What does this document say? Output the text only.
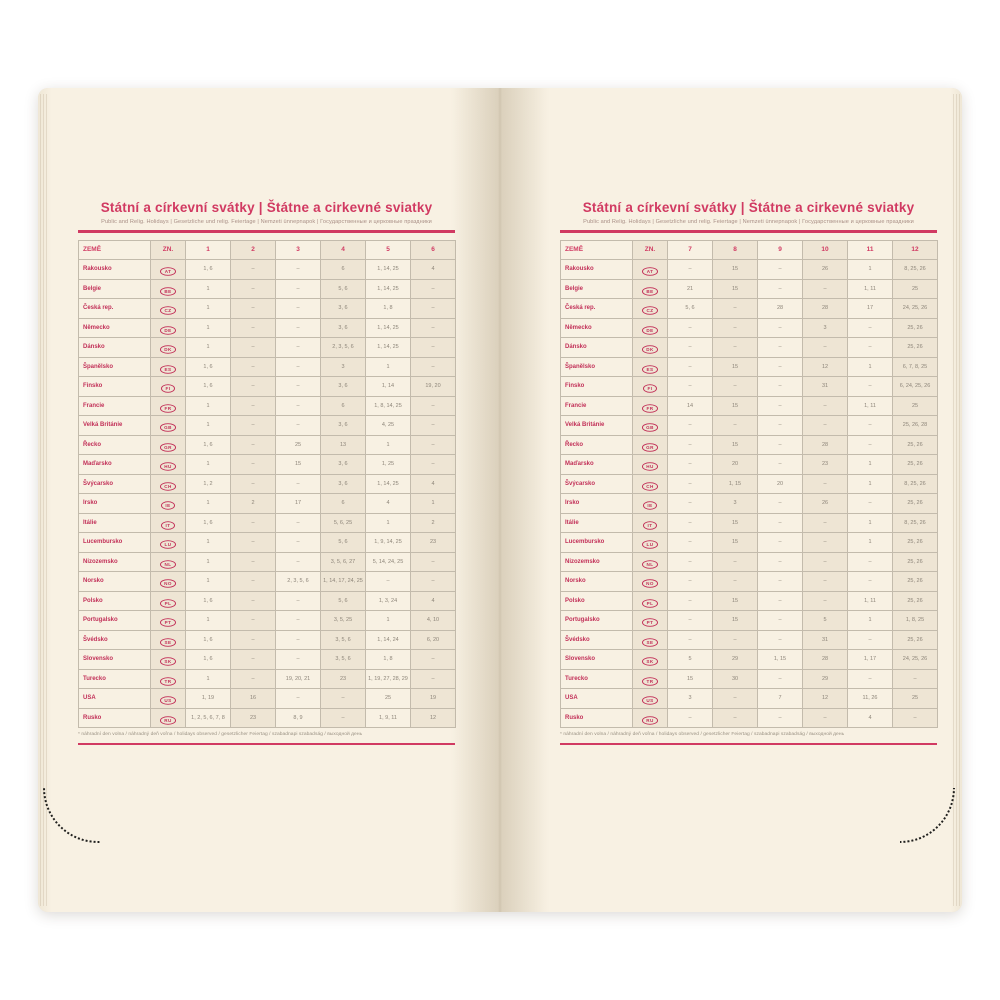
Státní a církevní svátky | Štátne a cirkevné sviatky
Public and Relig. Holidays | Gesetzliche und relig. Feiertage | Nemzeti ünnepnapok | Государственные и церковные праздники
ZEMĚ	ZN.	1	2	3	4	5	6
Rakousko	AT	1, 6	–	–	6	1, 14, 25	4
Belgie	BE	1	–	–	5, 6	1, 14, 25	–
Česká rep.	CZ	1	–	–	3, 6	1, 8	–
Německo	DE	1	–	–	3, 6	1, 14, 25	–
Dánsko	DK	1	–	–	2, 3, 5, 6	1, 14, 25	–
Španělsko	ES	1, 6	–	–	3	1	–
Finsko	FI	1, 6	–	–	3, 6	1, 14	19, 20
Francie	FR	1	–	–	6	1, 8, 14, 25	–
Velká Británie	GB	1	–	–	3, 6	4, 25	–
Řecko	GR	1, 6	–	25	13	1	–
Maďarsko	HU	1	–	15	3, 6	1, 25	–
Švýcarsko	CH	1, 2	–	–	3, 6	1, 14, 25	4
Irsko	IE	1	2	17	6	4	1
Itálie	IT	1, 6	–	–	5, 6, 25	1	2
Lucembursko	LU	1	–	–	5, 6	1, 9, 14, 25	23
Nizozemsko	NL	1	–	–	3, 5, 6, 27	5, 14, 24, 25	–
Norsko	NO	1	–	2, 3, 5, 6	1, 14, 17, 24, 25	–	–
Polsko	PL	1, 6	–	–	5, 6	1, 3, 24	4
Portugalsko	PT	1	–	–	3, 5, 25	1	4, 10
Švédsko	SE	1, 6	–	–	3, 5, 6	1, 14, 24	6, 20
Slovensko	SK	1, 6	–	–	3, 5, 6	1, 8	–
Turecko	TR	1	–	19, 20, 21	23	1, 19, 27, 28, 29	–
USA	US	1, 19	16	–	–	25	19
Rusko	RU	1, 2, 5, 6, 7, 8	23	8, 9	–	1, 9, 11	12
* náhradní den volna / náhradný deň voľna / holidays observed / gesetzlicher Feiertag / szabadnapi szabadság / выходной день
Státní a církevní svátky | Štátne a cirkevné sviatky
Public and Relig. Holidays | Gesetzliche und relig. Feiertage | Nemzeti ünnepnapok | Государственные и церковные праздники
ZEMĚ	ZN.	7	8	9	10	11	12
Rakousko	AT	–	15	–	26	1	8, 25, 26
Belgie	BE	21	15	–	–	1, 11	25
Česká rep.	CZ	5, 6	–	28	28	17	24, 25, 26
Německo	DE	–	–	–	3	–	25, 26
Dánsko	DK	–	–	–	–	–	25, 26
Španělsko	ES	–	15	–	12	1	6, 7, 8, 25
Finsko	FI	–	–	–	31	–	6, 24, 25, 26
Francie	FR	14	15	–	–	1, 11	25
Velká Británie	GB	–	–	–	–	–	25, 26, 28
Řecko	GR	–	15	–	28	–	25, 26
Maďarsko	HU	–	20	–	23	1	25, 26
Švýcarsko	CH	–	1, 15	20	–	1	8, 25, 26
Irsko	IE	–	3	–	26	–	25, 26
Itálie	IT	–	15	–	–	1	8, 25, 26
Lucembursko	LU	–	15	–	–	1	25, 26
Nizozemsko	NL	–	–	–	–	–	25, 26
Norsko	NO	–	–	–	–	–	25, 26
Polsko	PL	–	15	–	–	1, 11	25, 26
Portugalsko	PT	–	15	–	5	1	1, 8, 25
Švédsko	SE	–	–	–	31	–	25, 26
Slovensko	SK	5	29	1, 15	28	1, 17	24, 25, 26
Turecko	TR	15	30	–	29	–	–
USA	US	3	–	7	12	11, 26	25
Rusko	RU	–	–	–	–	4	–
* náhradní den volna / náhradný deň voľna / holidays observed / gesetzlicher Feiertag / szabadnapi szabadság / выходной день
